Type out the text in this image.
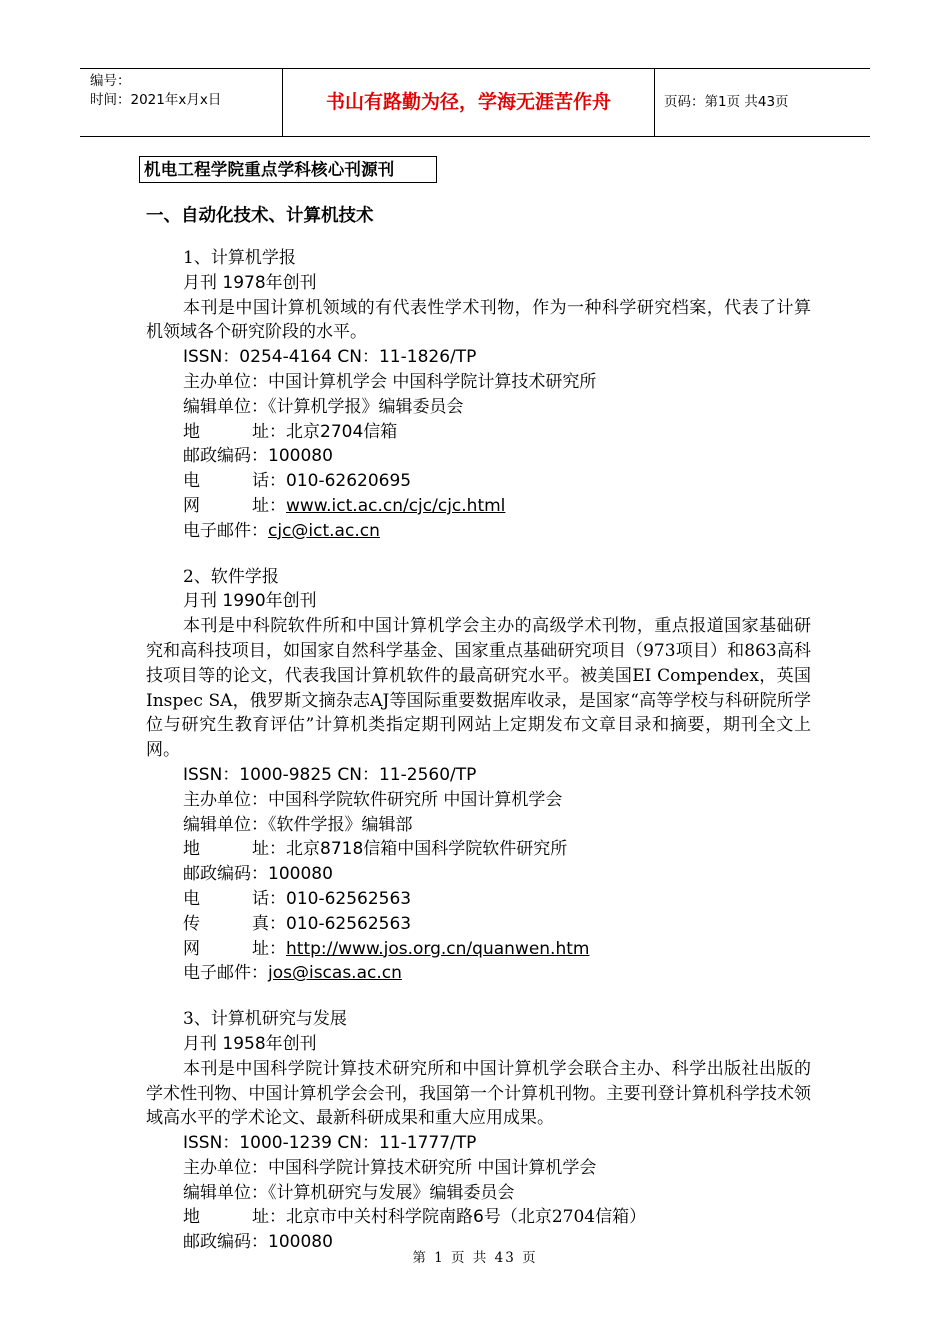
编号：
时间：2021年x月x日	书山有路勤为径，学海无涯苦作舟	页码：第1页 共43页
机电工程学院重点学科核心刊源刊
一、自动化技术、计算机技术
1、计算机学报
月刊 1978年创刊
本刊是中国计算机领域的有代表性学术刊物，作为一种科学研究档案，代表了计算机领域各个研究阶段的水平。
ISSN：0254-4164 CN：11-1826/TP
主办单位：中国计算机学会 中国科学院计算技术研究所
编辑单位：《计算机学报》编辑委员会
地	址：北京2704信箱
邮政编码：100080
电	话：010-62620695
网	址：www.ict.ac.cn/cjc/cjc.html
电子邮件：cjc@ict.ac.cn
2、软件学报
月刊 1990年创刊
本刊是中科院软件所和中国计算机学会主办的高级学术刊物，重点报道国家基础研究和高科技项目，如国家自然科学基金、国家重点基础研究项目（973项目）和863高科技项目等的论文，代表我国计算机软件的最高研究水平。被美国EI Compendex，英国Inspec SA，俄罗斯文摘杂志AJ等国际重要数据库收录，是国家“高等学校与科研院所学位与研究生教育评估”计算机类指定期刊网站上定期发布文章目录和摘要，期刊全文上网。
ISSN：1000-9825 CN：11-2560/TP
主办单位：中国科学院软件研究所 中国计算机学会
编辑单位：《软件学报》编辑部
地	址：北京8718信箱中国科学院软件研究所
邮政编码：100080
电	话：010-62562563
传	真：010-62562563
网	址：http://www.jos.org.cn/quanwen.htm
电子邮件：jos@iscas.ac.cn
3、计算机研究与发展
月刊 1958年创刊
本刊是中国科学院计算技术研究所和中国计算机学会联合主办、科学出版社出版的学术性刊物、中国计算机学会会刊，我国第一个计算机刊物。主要刊登计算机科学技术领域高水平的学术论文、最新科研成果和重大应用成果。
ISSN：1000-1239 CN：11-1777/TP
主办单位：中国科学院计算技术研究所 中国计算机学会
编辑单位：《计算机研究与发展》编辑委员会
地	址：北京市中关村科学院南路6号（北京2704信箱）
邮政编码：100080
第 1 页 共 43 页
